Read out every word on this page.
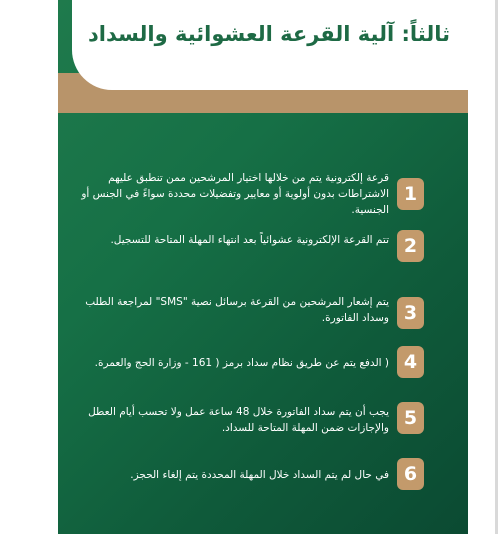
ثالثاً: آلية القرعة العشوائية والسداد
1
قرعة إلكترونية يتم من خلالها اختيار المرشحين ممن تنطبق عليهم الاشتراطات بدون أولوية أو معايير وتفضيلات محددة سواءً في الجنس أو الجنسية.
2
تتم القرعة الإلكترونية عشوائياً بعد انتهاء المهلة المتاحة للتسجيل.
3
يتم إشعار المرشحين من القرعة برسائل نصية "SMS" لمراجعة الطلب وسداد الفاتورة.
4
( الدفع يتم عن طريق نظام سداد برمز ( 161 - وزارة الحج والعمرة.
5
يجب أن يتم سداد الفاتورة خلال 48 ساعة عمل ولا تحسب أيام العطل والإجازات ضمن المهلة المتاحة للسداد.
6
في حال لم يتم السداد خلال المهلة المحددة يتم إلغاء الحجز.
